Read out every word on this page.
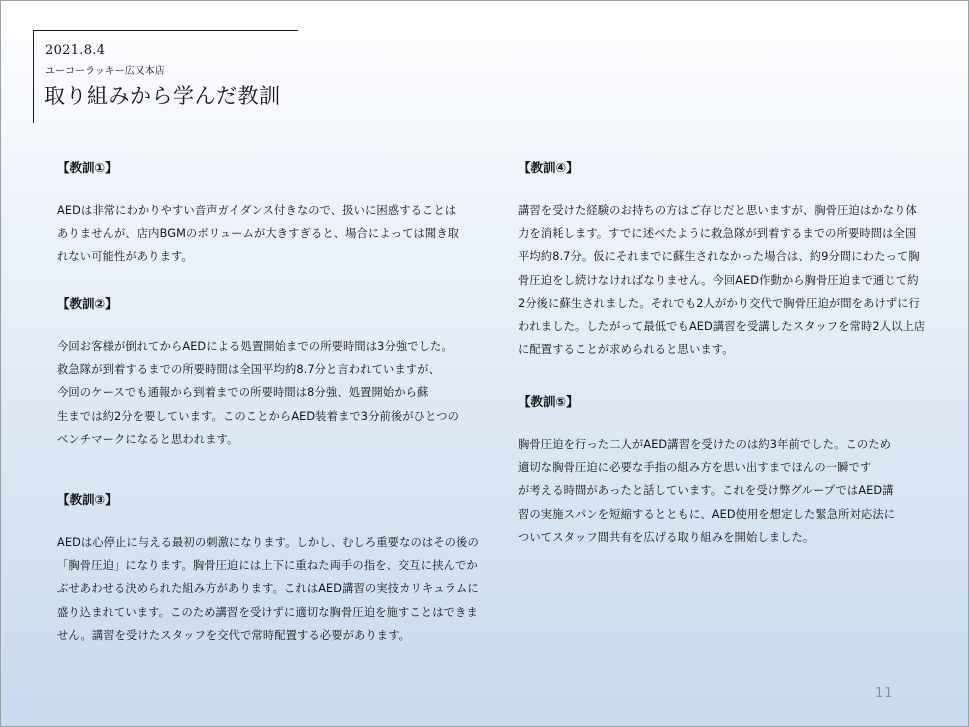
2021.8.4
ユーコーラッキー広又本店
取り組みから学んだ教訓
【教訓①】
AEDは非常にわかりやすい音声ガイダンス付きなので、扱いに困惑することは
ありませんが、店内BGMのボリュームが大きすぎると、場合によっては聞き取
れない可能性があります。
【教訓②】
今回お客様が倒れてからAEDによる処置開始までの所要時間は3分強でした。
救急隊が到着するまでの所要時間は全国平均約8.7分と言われていますが、
今回のケースでも通報から到着までの所要時間は8分強、処置開始から蘇
生までは約2分を要しています。このことからAED装着まで3分前後がひとつの
ベンチマークになると思われます。
【教訓③】
AEDは心停止に与える最初の刺激になります。しかし、むしろ重要なのはその後の
「胸骨圧迫」になります。胸骨圧迫には上下に重ねた両手の指を、交互に挟んでか
ぶせあわせる決められた組み方があります。これはAED講習の実技カリキュラムに
盛り込まれています。このため講習を受けずに適切な胸骨圧迫を施すことはできま
せん。講習を受けたスタッフを交代で常時配置する必要があります。
【教訓④】
講習を受けた経験のお持ちの方はご存じだと思いますが、胸骨圧迫はかなり体
力を消耗します。すでに述べたように救急隊が到着するまでの所要時間は全国
平均約8.7分。仮にそれまでに蘇生されなかった場合は、約9分間にわたって胸
骨圧迫をし続けなければなりません。今回AED作動から胸骨圧迫まで通じて約
2分後に蘇生されました。それでも2人がかり交代で胸骨圧迫が間をあけずに行
われました。したがって最低でもAED講習を受講したスタッフを常時2人以上店
に配置することが求められると思います。
【教訓⑤】
胸骨圧迫を行った二人がAED講習を受けたのは約3年前でした。このため
適切な胸骨圧迫に必要な手指の組み方を思い出すまでほんの一瞬です
が考える時間があったと話しています。これを受け弊グループではAED講
習の実施スパンを短縮するとともに、AED使用を想定した緊急所対応法に
ついてスタッフ間共有を広げる取り組みを開始しました。
11
